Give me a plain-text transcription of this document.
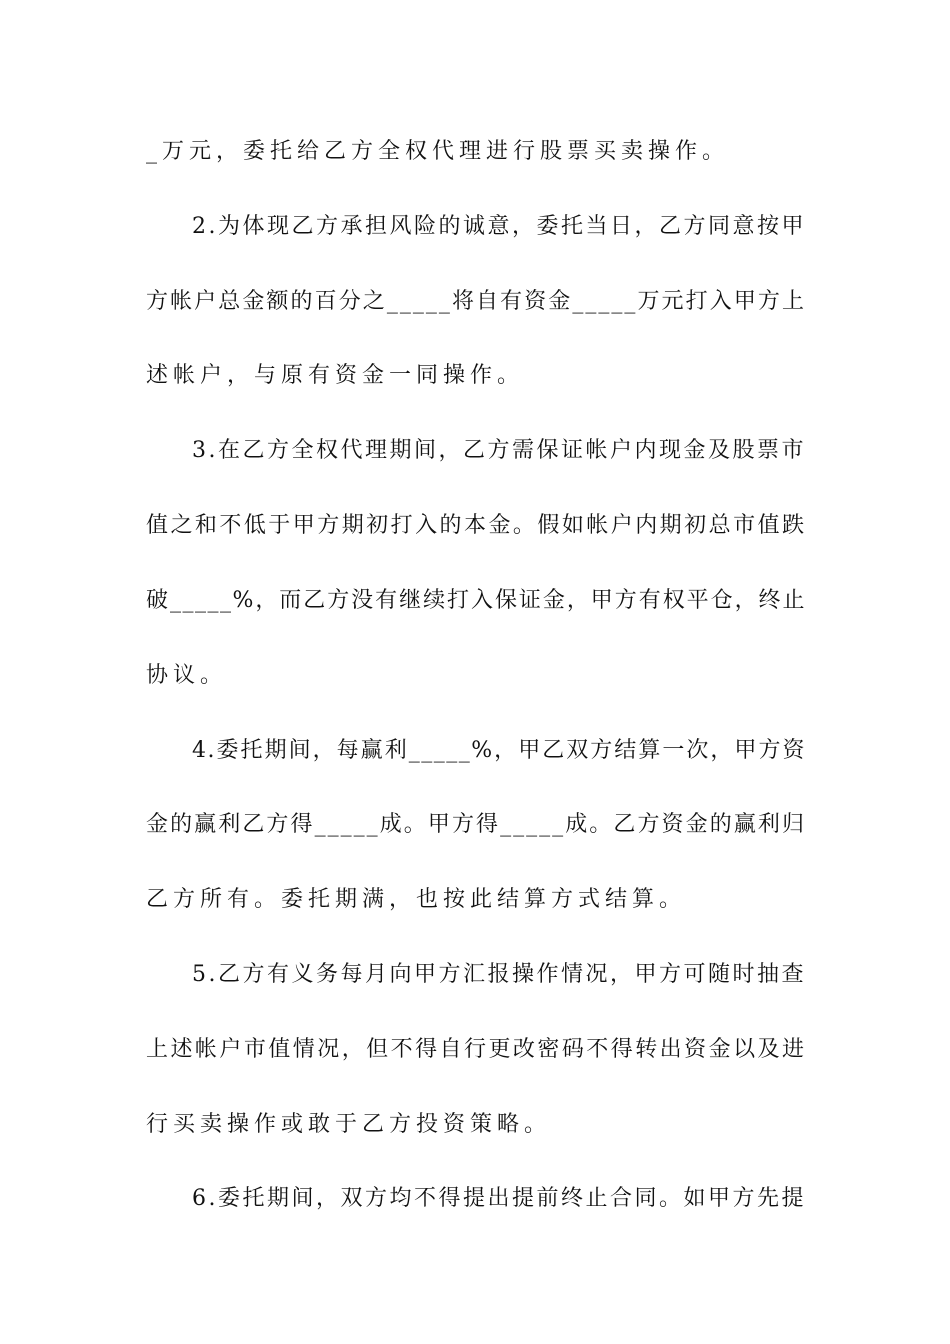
_万元，委托给乙方全权代理进行股票买卖操作。
2.为体现乙方承担风险的诚意，委托当日，乙方同意按甲
方帐户总金额的百分之_____将自有资金_____万元打入甲方上
述帐户，与原有资金一同操作。
3.在乙方全权代理期间，乙方需保证帐户内现金及股票市
值之和不低于甲方期初打入的本金。假如帐户内期初总市值跌
破_____%，而乙方没有继续打入保证金，甲方有权平仓，终止
协议。
4.委托期间，每赢利_____%，甲乙双方结算一次，甲方资
金的赢利乙方得_____成。甲方得_____成。乙方资金的赢利归
乙方所有。委托期满，也按此结算方式结算。
5.乙方有义务每月向甲方汇报操作情况，甲方可随时抽查
上述帐户市值情况，但不得自行更改密码不得转出资金以及进
行买卖操作或敢于乙方投资策略。
6.委托期间，双方均不得提出提前终止合同。如甲方先提
